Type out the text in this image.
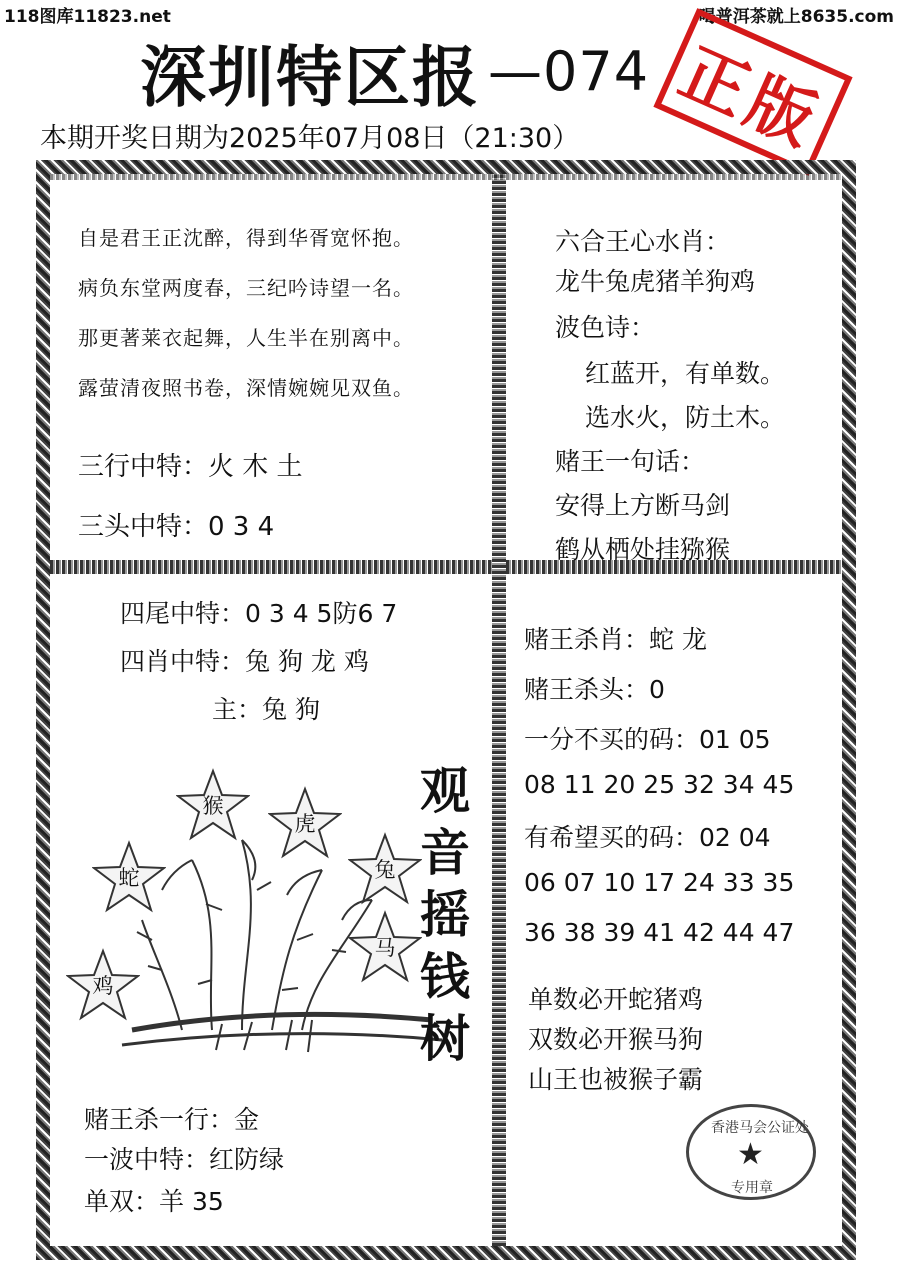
118图库11823.net	喝普洱茶就上8635.com
深圳特区报 —074
本期开奖日期为2025年07月08日（21:30） 正版
自是君王正沈醉，得到华胥宽怀抱。
病负东堂两度春，三纪吟诗望一名。
那更著莱衣起舞，人生半在别离中。
露萤清夜照书卷，深情婉婉见双鱼。
三行中特：火 木 土
三头中特：0 3 4
六合王心水肖：
龙牛兔虎猪羊狗鸡
波色诗：
红蓝开，有单数。
选水火，防土木。
赌王一句话：
安得上方断马剑
鹤从栖处挂猕猴
四尾中特：0 3 4 5防6 7
四肖中特：兔 狗 龙 鸡
主：兔 狗
观
音
摇
钱
树
猴
虎
蛇	兔
马
鸡
赌王杀一行：金
一波中特：红防绿
单双：羊 35
赌王杀肖：蛇 龙
赌王杀头：0
一分不买的码：01 05
08 11 20 25 32 34 45
有希望买的码：02 04
06 07 10 17 24 33 35
36 38 39 41 42 44 47
单数必开蛇猪鸡
双数必开猴马狗
山王也被猴子霸
香港马会公证处
★
专用章
